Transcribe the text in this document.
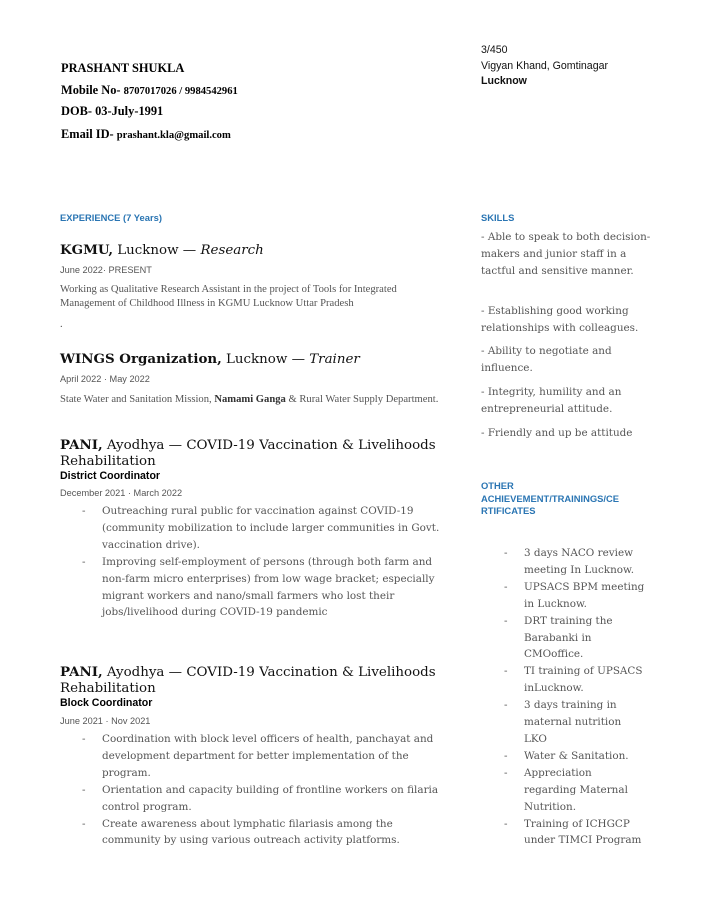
PRASHANT SHUKLA
Mobile No- 8707017026 / 9984542961
DOB- 03-July-1991
Email ID- prashant.kla@gmail.com
3/450
Vigyan Khand, Gomtinagar
Lucknow
EXPERIENCE (7 Years)
KGMU, Lucknow — Research
June 2022· PRESENT
Working as Qualitative Research Assistant in the project of Tools for Integrated Management of Childhood Illness in KGMU Lucknow Uttar Pradesh
.
WINGS Organization, Lucknow — Trainer
April 2022 · May 2022
State Water and Sanitation Mission, Namami Ganga & Rural Water Supply Department.
PANI, Ayodhya — COVID-19 Vaccination & Livelihoods Rehabilitation
District Coordinator
December 2021 · March 2022
- Outreaching rural public for vaccination against COVID-19 (community mobilization to include larger communities in Govt. vaccination drive).
- Improving self-employment of persons (through both farm and non-farm micro enterprises) from low wage bracket; especially migrant workers and nano/small farmers who lost their jobs/livelihood during COVID-19 pandemic
PANI, Ayodhya — COVID-19 Vaccination & Livelihoods Rehabilitation
Block Coordinator
June 2021 · Nov 2021
- Coordination with block level officers of health, panchayat and development department for better implementation of the program.
- Orientation and capacity building of frontline workers on filaria control program.
- Create awareness about lymphatic filariasis among the community by using various outreach activity platforms.
SKILLS
- Able to speak to both decision-makers and junior staff in a tactful and sensitive manner.
- Establishing good working relationships with colleagues.
- Ability to negotiate and influence.
- Integrity, humility and an entrepreneurial attitude.
- Friendly and up be attitude
OTHER
ACHIEVEMENT/TRAININGS/CE
RTIFICATES
- 3 days NACO review meeting In Lucknow.
- UPSACS BPM meeting in Lucknow.
- DRT training the Barabanki in CMOoffice.
- TI training of UPSACS inLucknow.
- 3 days training in maternal nutrition LKO
- Water & Sanitation.
- Appreciation regarding Maternal Nutrition.
- Training of ICHGCP under TIMCI Program
